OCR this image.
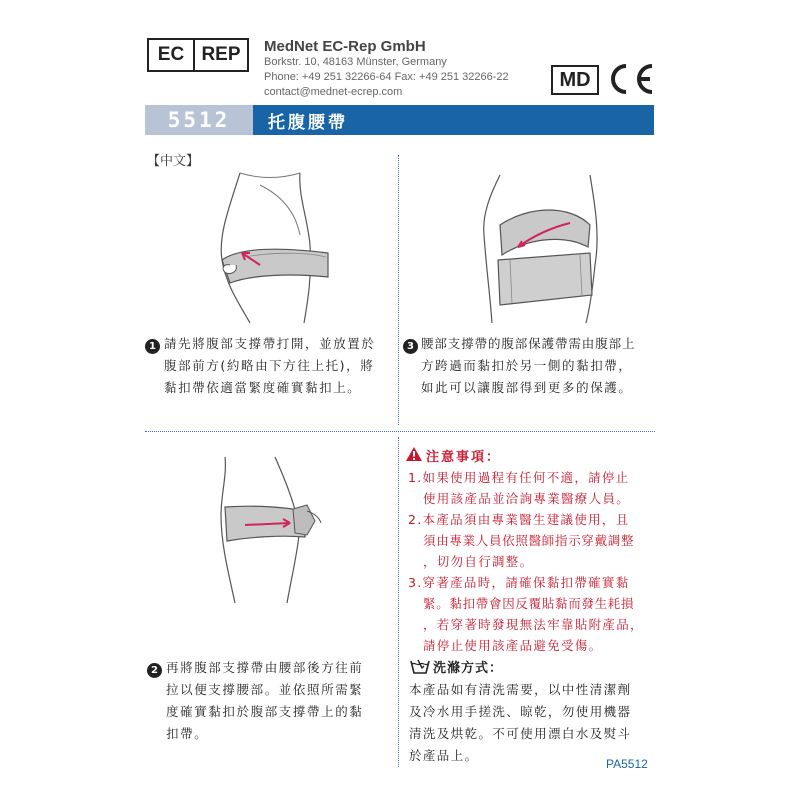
EC REP	MedNet EC-Rep GmbH
Borkstr. 10, 48163 Münster, Germany
Phone: +49 251 32266-64 Fax: +49 251 32266-22
contact@mednet-ecrep.com
MD
5512	托腹腰帶
【中文】
1 請先將腹部支撐帶打開，並放置於
腹部前方(約略由下方往上托)，將
黏扣帶依適當緊度確實黏扣上。
3 腰部支撐帶的腹部保護帶需由腹部上
方跨過而黏扣於另一側的黏扣帶，
如此可以讓腹部得到更多的保護。
注意事項：
1.如果使用過程有任何不適，請停止
使用該產品並洽詢專業醫療人員。
2.本產品須由專業醫生建議使用，且
須由專業人員依照醫師指示穿戴調整
，切勿自行調整。
3.穿著產品時，請確保黏扣帶確實黏
緊。黏扣帶會因反覆貼黏而發生耗損
，若穿著時發現無法牢靠貼附產品，
請停止使用該產品避免受傷。
2 再將腹部支撐帶由腰部後方往前
拉以便支撐腰部。並依照所需緊
度確實黏扣於腹部支撐帶上的黏
扣帶。
洗滌方式：
本產品如有清洗需要，以中性清潔劑
及冷水用手搓洗、晾乾，勿使用機器
清洗及烘乾。不可使用漂白水及熨斗
於產品上。
PA5512
